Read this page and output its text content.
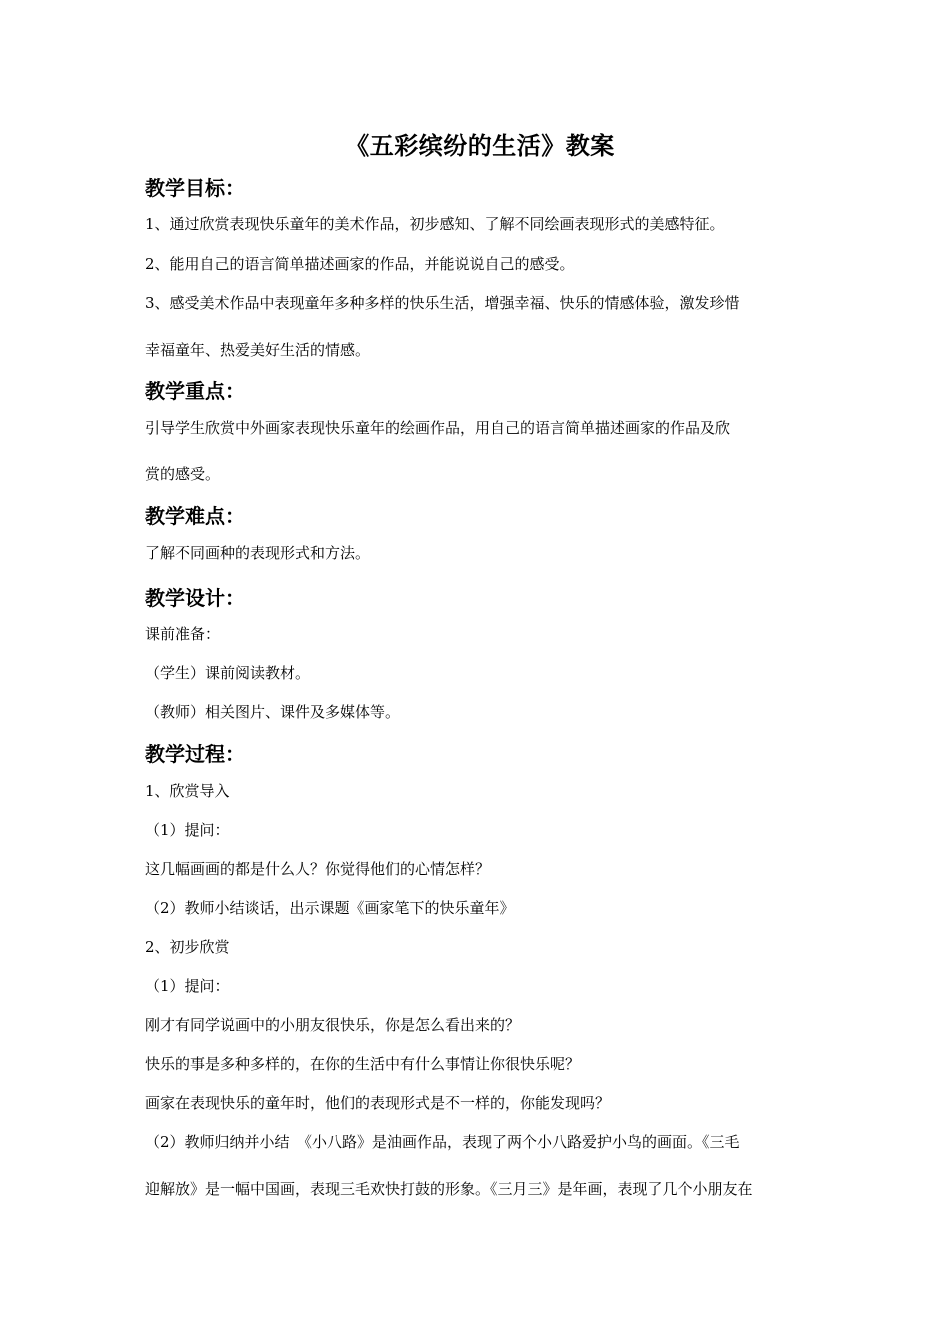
《五彩缤纷的生活》教案
教学目标：

1、通过欣赏表现快乐童年的美术作品，初步感知、了解不同绘画表现形式的美感特征。

2、能用自己的语言简单描述画家的作品，并能说说自己的感受。

3、感受美术作品中表现童年多种多样的快乐生活，增强幸福、快乐的情感体验，激发珍惜

幸福童年、热爱美好生活的情感。

教学重点：

引导学生欣赏中外画家表现快乐童年的绘画作品，用自己的语言简单描述画家的作品及欣

赏的感受。

教学难点：

了解不同画种的表现形式和方法。

教学设计：

课前准备：

（学生）课前阅读教材。

（教师）相关图片、课件及多媒体等。

教学过程：

1、欣赏导入

（1）提问：

这几幅画画的都是什么人？你觉得他们的心情怎样？

（2）教师小结谈话，出示课题《画家笔下的快乐童年》

2、初步欣赏

（1）提问：

刚才有同学说画中的小朋友很快乐，你是怎么看出来的？

快乐的事是多种多样的，在你的生活中有什么事情让你很快乐呢？

画家在表现快乐的童年时，他们的表现形式是不一样的，你能发现吗？

（2）教师归纳并小结　《小八路》是油画作品，表现了两个小八路爱护小鸟的画面。《三毛

迎解放》是一幅中国画，表现三毛欢快打鼓的形象。《三月三》是年画，表现了几个小朋友在
